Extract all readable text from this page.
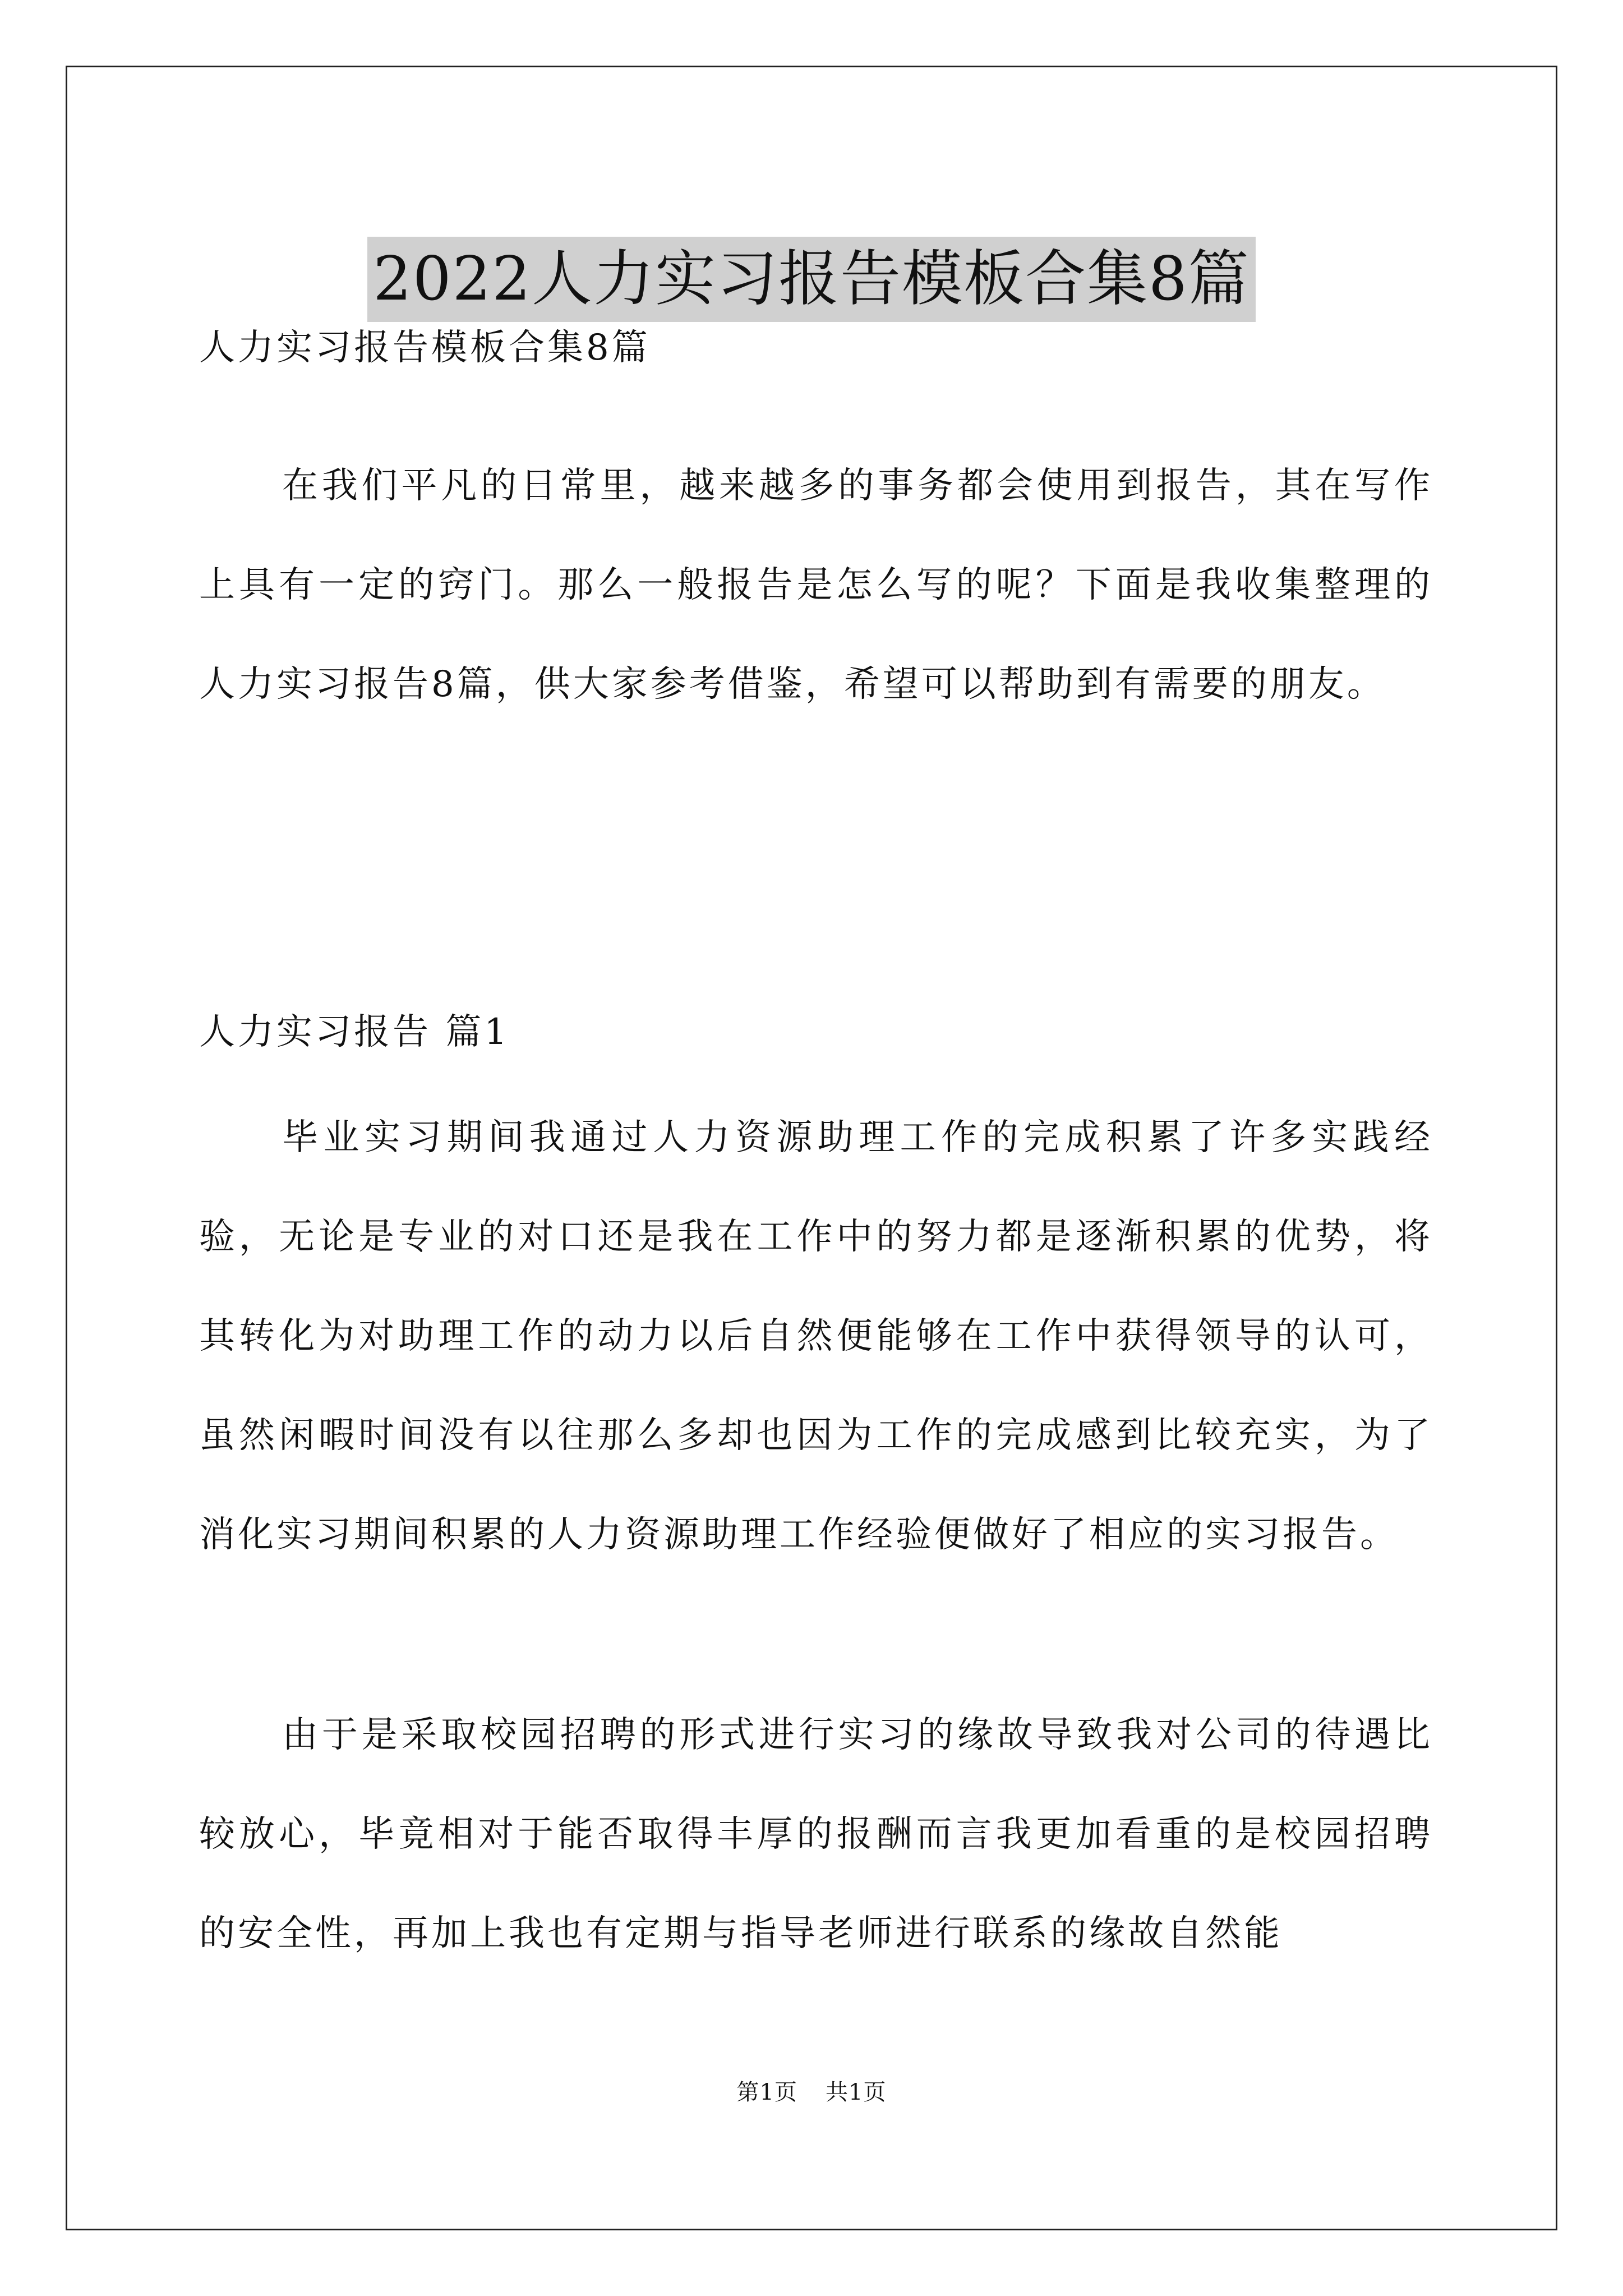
2022人力实习报告模板合集8篇
人力实习报告模板合集8篇

在我们平凡的日常里，越来越多的事务都会使用到报告，其在写作上具有一定的窍门。那么一般报告是怎么写的呢？下面是我收集整理的人力实习报告8篇，供大家参考借鉴，希望可以帮助到有需要的朋友。

人力实习报告 篇1

毕业实习期间我通过人力资源助理工作的完成积累了许多实践经验，无论是专业的对口还是我在工作中的努力都是逐渐积累的优势，将其转化为对助理工作的动力以后自然便能够在工作中获得领导的认可，虽然闲暇时间没有以往那么多却也因为工作的完成感到比较充实，为了消化实习期间积累的人力资源助理工作经验便做好了相应的实习报告。

由于是采取校园招聘的形式进行实习的缘故导致我对公司的待遇比较放心，毕竟相对于能否取得丰厚的报酬而言我更加看重的是校园招聘的安全性，再加上我也有定期与指导老师进行联系的缘故自然能

第1页 共1页
